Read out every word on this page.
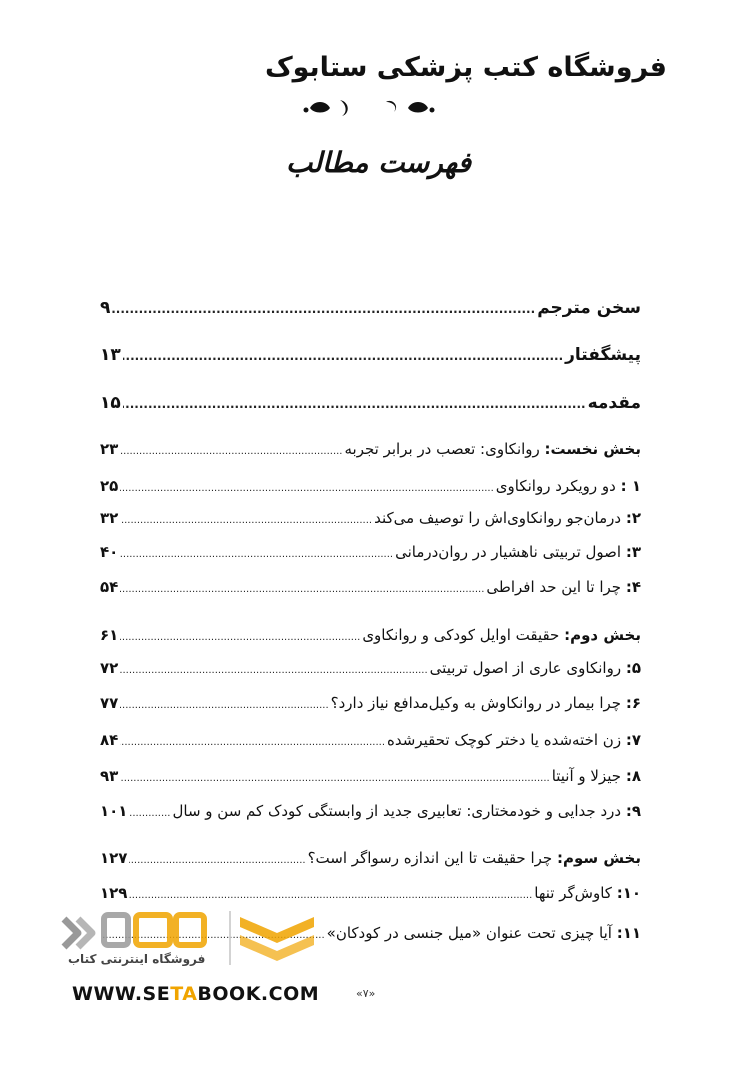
فروشگاه کتب پزشکی ستابوک
فهرست مطالب
سخن مترجم
.....
۹
پیشگفتار
.....
۱۳
مقدمه
.....
۱۵
بخش نخست: روانکاوی: تعصب در برابر تجربه
.....
۲۳
۱ : دو رویکرد روانکاوی
.....
۲۵
۲: درمان‌جو روانکاوی‌اش را توصیف می‌کند
.....
۳۲
۳: اصول تربیتی ناهشیار در روان‌درمانی
.....
۴۰
۴: چرا تا این حد افراطی
.....
۵۴
بخش دوم: حقیقت اوایل کودکی و روانکاوی
.....
۶۱
۵: روانکاوی عاری از اصول تربیتی
.....
۷۲
۶: چرا بیمار در روانکاوش به وکیل‌مدافع نیاز دارد؟
.....
۷۷
۷: زن اخته‌شده یا دختر کوچک تحقیرشده
.....
۸۴
۸: جیزلا و آنیتا
.....
۹۳
۹: درد جدایی و خودمختاری: تعابیری جدید از وابستگی کودک کم سن و سال
.....
۱۰۱
بخش سوم: چرا حقیقت تا این اندازه رسواگر است؟
.....
۱۲۷
۱۰: کاوش‌گر تنها
.....
۱۲۹
۱۱: آیا چیزی تحت عنوان «میل جنسی در کودکان»
.....
فروشگاه اینترنتی کتاب
WWW.SETABOOK.COM	«۷»
